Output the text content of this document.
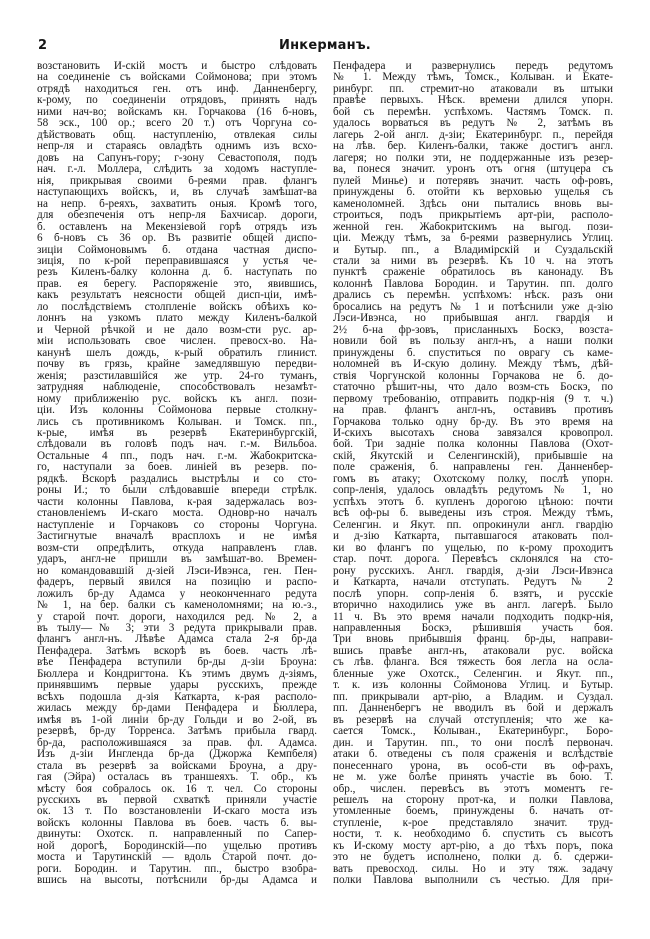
2	Инкерманъ.
возстановить И-скій мостъ и быстро слѣдовать
на соединеніе съ войсками Соймонова; при этомъ
отрядѣ находиться ген. отъ инф. Данненбергу,
к-рому, по соединеніи отрядовъ, принять надъ
ними нач-во; войскамъ кн. Горчакова (16 б-новъ,
58 эск., 100 ор.; всего 20 т.) отъ Чоргуна со-
дѣйствовать общ. наступленію, отвлекая силы
непр-ля и стараясь овладѣть однимъ изъ всхо-
довъ на Сапунъ-гору; г-зону Севастополя, подъ
нач. г.-л. Моллера, слѣдить за ходомъ наступле-
нія, прикрывая своими б-реями прав. флангъ
наступающихъ войскъ, и, въ случаѣ замѣшат-ва
на непр. б-реяхъ, захватить оныя. Кромѣ того,
для обезпеченія отъ непр-ля Бахчисар. дороги,
б. оставленъ на Мекензіевой горѣ отрядъ изъ
6 б-новъ съ 36 ор. Въ развитіе общей диспо-
зиціи Соймоновымъ б. отдана частная диспо-
зиція, по к-рой переправившаяся у устья че-
резъ Киленъ-балку колонна д. б. наступать по
прав. ея берегу. Распоряженіе это, явившись,
какъ результатъ неясности общей дисп-ціи, имѣ-
ло послѣдствіемъ столпленіе войскъ обѣихъ ко-
лоннъ на узкомъ плато между Киленъ-балкой
и Черной рѣчкой и не дало возм-сти рус. ар-
міи использовать свое числен. превосх-во. На-
канунѣ шелъ дождь, к-рый обратилъ глинист.
почву въ грязь, крайне замедлявшую передви-
женія; разстилавшійся же утр. 24-го туманъ,
затрудняя наблюденіе, способствовалъ незамѣт-
ному приближенію рус. войскъ къ англ. пози-
ціи. Изъ колонны Соймонова первые столкну-
лись съ противникомъ Колыван. и Томск. пп.,
к-рые, имѣя въ резервѣ Екатеринбургскій,
слѣдовали въ головѣ подъ нач. г.-м. Вильбоа.
Остальные 4 пп., подъ нач. г.-м. Жабокритска-
го, наступали за боев. линіей въ резерв. по-
рядкѣ. Вскорѣ раздались выстрѣлы и со сто-
роны И.; то были слѣдовавшіе впереди стрѣлк.
части колонны Павлова, к-рая задержалась воз-
становленіемъ И-скаго моста. Одновр-но началъ
наступленіе и Горчаковъ со стороны Чоргуна.
Застигнутые вначалѣ врасплохъ и не имѣя
возм-сти опредѣлить, откуда направленъ глав.
ударъ, англ-не пришли въ замѣшат-во. Времен-
но командовавшій д-зіей Лэси-Ивэнса, ген. Пен-
фадеръ, первый явился на позицію и распо-
ложилъ бр-ду Адамса у неоконченнаго редута
№ 1, на бер. балки съ каменоломнями; на ю.-з.,
у старой почт. дороги, находился ред. № 2, а
въ тылу—№ 3; эти 3 редута прикрывали прав.
флангъ англ-нъ. Лѣвѣе Адамса стала 2-я бр-да
Пенфадера. Затѣмъ вскорѣ въ боев. часть лѣ-
вѣе Пенфадера вступили бр-ды д-зіи Броуна:
Бюллера и Кондригтона. Къ этимъ двумъ д-зіямъ,
принявшимъ первые удары русскихъ, прежде
всѣхъ подошла д-зія Каткарта, к-рая располо-
жилась между бр-дами Пенфадера и Бюллера,
имѣя въ 1-ой линіи бр-ду Гольди и во 2-ой, въ
резервѣ, бр-ду Торренса. Затѣмъ прибыла гвард.
бр-да, расположившаяся за прав. фл. Адамса.
Изъ д-зіи Ингленда бр-да (Джоржа Кемпбеля)
стала въ резервѣ за войсками Броуна, а дру-
гая (Эйра) осталась въ траншеяхъ. Т. обр., къ
мѣсту боя собралось ок. 16 т. чел. Со стороны
русскихъ въ первой схваткѣ приняли участіе
ок. 13 т. По возстановленіи И-скаго моста изъ
войскъ колонны Павлова въ боев. часть б. вы-
двинуты: Охотск. п. направленный по Сапер-
ной дорогѣ, Бородинскій—по ущелью противъ
моста и Тарутинскій — вдоль Старой почт. до-
роги. Бородин. и Тарутин. пп., быстро взобра-
вшись на высоты, потѣснили бр-ды Адамса и
Пенфадера и развернулись передъ редутомъ
№ 1. Между тѣмъ, Томск., Колыван. и Екате-
ринбург. пп. стремит-но атаковали въ штыки
правѣе первыхъ. Нѣск. времени длился упорн.
бой съ перемѣн. успѣхомъ. Частямъ Томск. п.
удалось ворваться въ редутъ № 2, затѣмъ въ
лагерь 2-ой англ. д-зіи; Екатеринбург. п., перейдя
на лѣв. бер. Киленъ-балки, также достигъ англ.
лагеря; но полки эти, не поддержанные изъ резер-
ва, понеся значит. уронъ отъ огня (штуцера съ
пулей Минье) и потерявъ значит. часть оф-ровъ,
принуждены б. отойти къ верховью ущелья съ
каменоломней. Здѣсь они пытались вновь вы-
строиться, подъ прикрытіемъ арт-ріи, располо-
женной ген. Жабокритскимъ на выгод. пози-
ціи. Между тѣмъ, за б-реями развернулись Углиц.
и Бутыр. пп., а Владимірскій и Суздальскій
стали за ними въ резервѣ. Къ 10 ч. на этотъ
пунктѣ сраженіе обратилось въ канонаду. Въ
колоннѣ Павлова Бородин. и Тарутин. пп. долго
дрались съ перемѣн. успѣхомъ: нѣск. разъ они
бросались на редутъ № 1 и потѣснили уже д-зію
Лэси-Ивэнса, но прибывшая англ. гвардія и
2½ б-на фр-зовъ, присланныхъ Боскэ, возста-
новили бой въ пользу англ-нъ, а наши полки
принуждены б. спуститься по оврагу съ каме-
ноломней въ И-скую долину. Между тѣмъ, дѣй-
ствія Чоргунской колонны Горчакова не б. до-
статочно рѣшит-ны, что дало возм-сть Боскэ, по
первому требованію, отправить подкр-нія (9 т. ч.)
на прав. флангъ англ-нъ, оставивъ противъ
Горчакова только одну бр-ду. Въ это время на
И-скихъ высотахъ снова завязался кровопрол.
бой. Три задніе полка колонны Павлова (Охот-
скій, Якутскій и Селенгинскій), прибывшіе на
поле сраженія, б. направлены ген. Данненбер-
гомъ въ атаку; Охотскому полку, послѣ упорн.
сопр-ленія, удалось овладѣть редутомъ № 1, но
успѣхъ этотъ б. купленъ дорогою цѣною: почти
всѣ оф-ры б. выведены изъ строя. Между тѣмъ,
Селенгин. и Якут. пп. опрокинули англ. гвардію
и д-зію Каткарта, пытавшагося атаковать пол-
ки во флангъ по ущелью, по к-рому проходитъ
стар. почт. дорога. Перевѣсъ склонялся на сто-
рону русскихъ. Англ. гвардія, д-зіи Лэси-Ивэнса
и Каткарта, начали отступать. Редутъ № 2
послѣ упорн. сопр-ленія б. взятъ, и русскіе
вторично находились уже въ англ. лагерѣ. Было
11 ч. Въ это время начали подходить подкр-нія,
направленныя Боскэ, рѣшившія участь боя.
Три вновь прибывшія франц. бр-ды, направи-
вшись правѣе англ-нъ, атаковали рус. войска
съ лѣв. фланга. Вся тяжесть боя легла на осла-
бленные уже Охотск., Селенгин. и Якут. пп.,
т. к. изъ колонны Соймонова Углиц. и Бутыр.
пп. прикрывали арт-рію, а Владим. и Суздал.
пп. Данненбергъ не вводилъ въ бой и держалъ
въ резервѣ на случай отступленія; что же ка-
сается Томск., Колыван., Екатеринбург., Боро-
дин. и Тарутин. пп., то они послѣ первонач.
атаки б. отведены съ поля сраженія и вслѣдствіе
понесеннаго урона, въ особ-сти въ оф-рахъ,
не м. уже болѣе принять участіе въ бою. Т.
обр., числен. перевѣсъ въ этотъ моментъ ге-
решелъ на сторону прот-ка, и полки Павлова,
утомленные боемъ, принуждены б. начать от-
ступленіе, к-рое представляло значит. труд-
ности, т. к. необходимо б. спустить съ высотъ
къ И-скому мосту арт-рію, а до тѣхъ поръ, пока
это не будетъ исполнено, полки д. б. сдержи-
вать превосход. силы. Но и эту тяж. задачу
полки Павлова выполнили съ честью. Для при-
